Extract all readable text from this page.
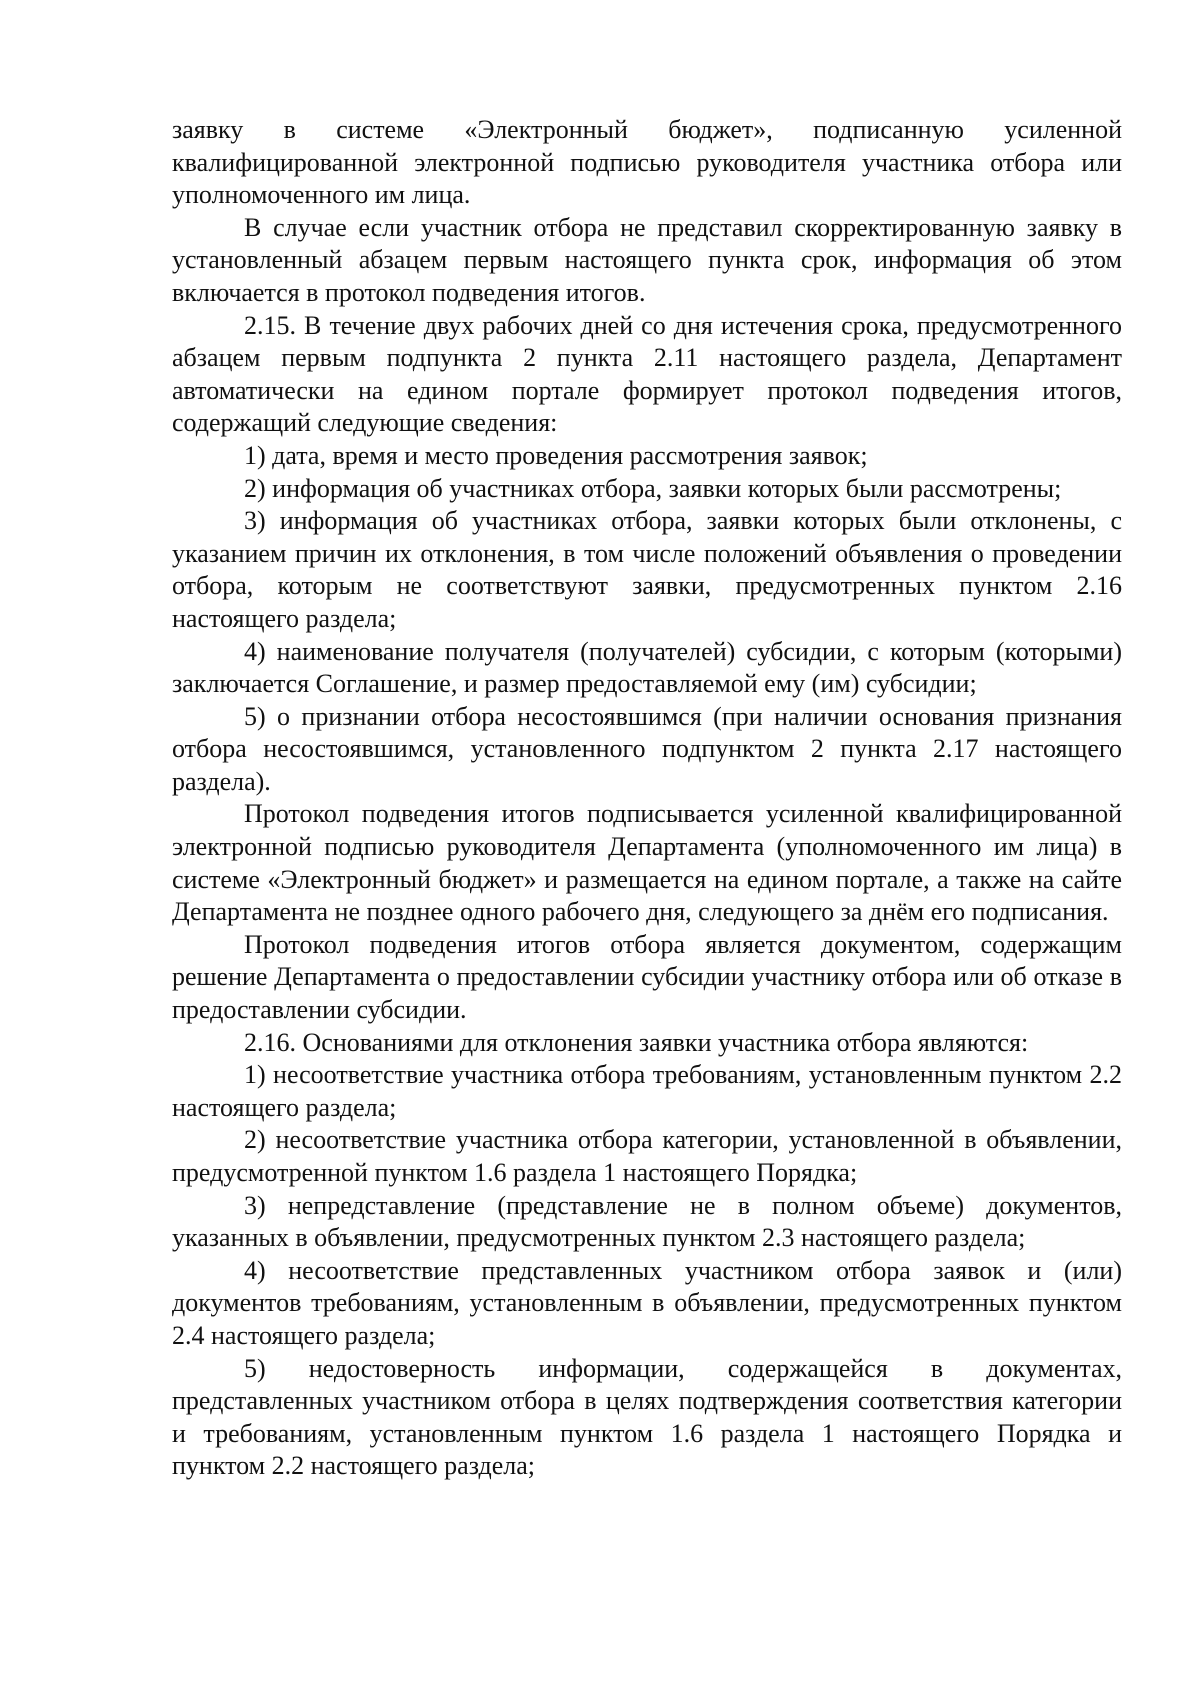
заявку в системе «Электронный бюджет», подписанную усиленной квалифицированной электронной подписью руководителя участника отбора или уполномоченного им лица.

В случае если участник отбора не представил скорректированную заявку в установленный абзацем первым настоящего пункта срок, информация об этом включается в протокол подведения итогов.

2.15. В течение двух рабочих дней со дня истечения срока, предусмотренного абзацем первым подпункта 2 пункта 2.11 настоящего раздела, Департамент автоматически на едином портале формирует протокол подведения итогов, содержащий следующие сведения:

1) дата, время и место проведения рассмотрения заявок;

2) информация об участниках отбора, заявки которых были рассмотрены;

3) информация об участниках отбора, заявки которых были отклонены, с указанием причин их отклонения, в том числе положений объявления о проведении отбора, которым не соответствуют заявки, предусмотренных пунктом 2.16 настоящего раздела;

4) наименование получателя (получателей) субсидии, с которым (которыми) заключается Соглашение, и размер предоставляемой ему (им) субсидии;

5) о признании отбора несостоявшимся (при наличии основания признания отбора несостоявшимся, установленного подпунктом 2 пункта 2.17 настоящего раздела).

Протокол подведения итогов подписывается усиленной квалифицированной электронной подписью руководителя Департамента (уполномоченного им лица) в системе «Электронный бюджет» и размещается на едином портале, а также на сайте Департамента не позднее одного рабочего дня, следующего за днём его подписания.

Протокол подведения итогов отбора является документом, содержащим решение Департамента о предоставлении субсидии участнику отбора или об отказе в предоставлении субсидии.

2.16. Основаниями для отклонения заявки участника отбора являются:

1) несоответствие участника отбора требованиям, установленным пунктом 2.2 настоящего раздела;

2) несоответствие участника отбора категории, установленной в объявлении, предусмотренной пунктом 1.6 раздела 1 настоящего Порядка;

3) непредставление (представление не в полном объеме) документов, указанных в объявлении, предусмотренных пунктом 2.3 настоящего раздела;

4) несоответствие представленных участником отбора заявок и (или) документов требованиям, установленным в объявлении, предусмотренных пунктом 2.4 настоящего раздела;

5) недостоверность информации, содержащейся в документах, представленных участником отбора в целях подтверждения соответствия категории и требованиям, установленным пунктом 1.6 раздела 1 настоящего Порядка и пунктом 2.2 настоящего раздела;
